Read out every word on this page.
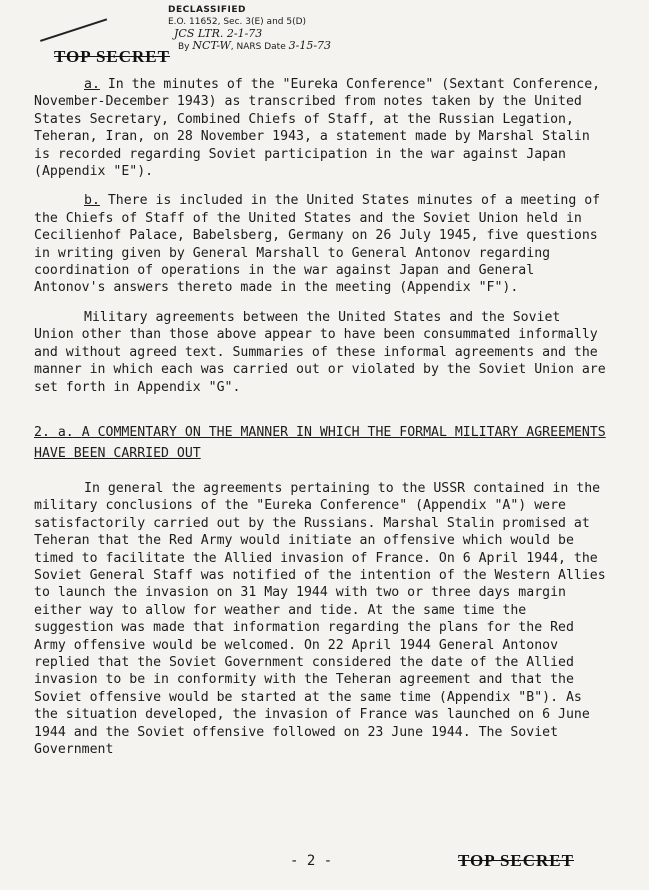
DECLASSIFIED
E.O. 11652, Sec. 3(E) and 5(D)
JCS LTR. 2-1-73
By NCT-W, NARS Date 3-15-73
TOP SECRET

a. In the minutes of the "Eureka Conference" (Sextant Conference, November-December 1943) as transcribed from notes taken by the United States Secretary, Combined Chiefs of Staff, at the Russian Legation, Teheran, Iran, on 28 November 1943, a statement made by Marshal Stalin is recorded regarding Soviet participation in the war against Japan (Appendix "E").

b. There is included in the United States minutes of a meeting of the Chiefs of Staff of the United States and the Soviet Union held in Cecilienhof Palace, Babelsberg, Germany on 26 July 1945, five questions in writing given by General Marshall to General Antonov regarding coordination of operations in the war against Japan and General Antonov's answers thereto made in the meeting (Appendix "F").

Military agreements between the United States and the Soviet Union other than those above appear to have been consummated informally and without agreed text. Summaries of these informal agreements and the manner in which each was carried out or violated by the Soviet Union are set forth in Appendix "G".

2. a. A COMMENTARY ON THE MANNER IN WHICH THE FORMAL MILITARY AGREEMENTS HAVE BEEN CARRIED OUT

In general the agreements pertaining to the USSR contained in the military conclusions of the "Eureka Conference" (Appendix "A") were satisfactorily carried out by the Russians. Marshal Stalin promised at Teheran that the Red Army would initiate an offensive which would be timed to facilitate the Allied invasion of France. On 6 April 1944, the Soviet General Staff was notified of the intention of the Western Allies to launch the invasion on 31 May 1944 with two or three days margin either way to allow for weather and tide. At the same time the suggestion was made that information regarding the plans for the Red Army offensive would be welcomed. On 22 April 1944 General Antonov replied that the Soviet Government considered the date of the Allied invasion to be in conformity with the Teheran agreement and that the Soviet offensive would be started at the same time (Appendix "B"). As the situation developed, the invasion of France was launched on 6 June 1944 and the Soviet offensive followed on 23 June 1944. The Soviet Government

- 2 -	TOP SECRET
